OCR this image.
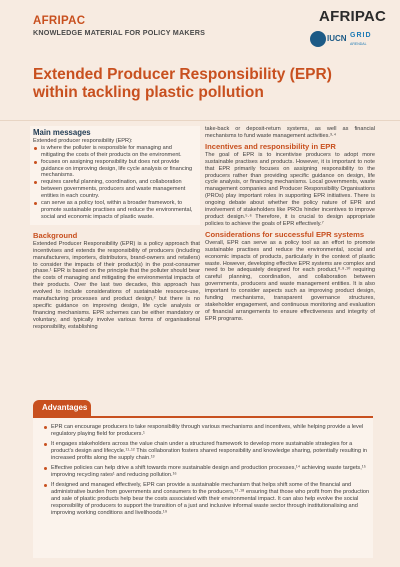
AFRIPAC
KNOWLEDGE MATERIAL FOR POLICY MAKERS
AFRIPAC
IUCN GRID
ARENDAL
Extended Producer Responsibility (EPR) within tackling plastic pollution
Main messages

Extended producer responsibility (EPR):

is where the polluter is responsible for managing and mitigating the costs of their products on the environment.
focuses on assigning responsibility but does not provide guidance on improving design, life cycle analysis or financing mechanisms.
requires careful planning, coordination, and collaboration between governments, producers and waste management entities in each country.
can serve as a policy tool, within a broader framework, to promote sustainable practises and reduce the environmental, social and economic impacts of plastic waste.
Background

Extended Producer Responsibility (EPR) is a policy approach that incentivises and extends the responsibility of producers (including manufacturers, importers, distributors, brand-owners and retailers) to consider the impacts of their product(s) in the post-consumer phase.¹ EPR is based on the principle that the polluter should bear the costs of managing and mitigating the environmental impacts of their products. Over the last two decades, this approach has evolved to include considerations of sustainable resource-use, manufacturing processes and product design,² but there is no specific guidance on improving design, life cycle analysis or financing mechanisms. EPR schemes can be either mandatory or voluntary, and typically involve various forms of organisational responsibility, establishing

take-back or deposit-return systems, as well as financial mechanisms to fund waste management activities.³·⁴

Incentives and responsibility in EPR

The goal of EPR is to incentivise producers to adopt more sustainable practises and products. However, it is important to note that EPR primarily focuses on assigning responsibility to the producers rather than providing specific guidance on design, life cycle analysis, or financing mechanisms. Local governments, waste management companies and Producer Responsibility Organisations (PROs) play important roles in supporting EPR initiatives. There is ongoing debate about whether the policy nature of EPR and involvement of stakeholders like PROs hinder incentives to improve product design.⁵·⁶ Therefore, it is crucial to design appropriate policies to achieve the goals of EPR effectively.⁷

Considerations for successful EPR systems

Overall, EPR can serve as a policy tool as an effort to promote sustainable practises and reduce the environmental, social and economic impacts of products, particularly in the context of plastic waste. However, developing effective EPR systems are complex and need to be adequately designed for each product,⁸·⁹·¹⁰ requiring careful planning, coordination, and collaboration between governments, producers and waste management entities. It is also important to consider aspects such as improving product design, funding mechanisms, transparent governance structures, stakeholder engagement, and continuous monitoring and evaluation of financial arrangements to ensure effectiveness and integrity of EPR programs.

Advantages
EPR can encourage producers to take responsibility through various mechanisms and incentives, while helping provide a level regulatory playing field for producers.¹
It engages stakeholders across the value chain under a structured framework to develop more sustainable strategies for a product's design and lifecycle.¹¹·¹² This collaboration fosters shared responsibility and knowledge sharing, potentially resulting in increased profits along the supply chain.¹³
Effective policies can help drive a shift towards more sustainable design and production processes,¹⁴ achieving waste targets,¹⁵ improving recycling rates¹ and reducing pollution.¹⁶
If designed and managed effectively, EPR can provide a sustainable mechanism that helps shift some of the financial and administrative burden from governments and consumers to the producers,¹⁷·¹⁸ ensuring that those who profit from the production and sale of plastic products help bear the costs associated with their environmental impact. It can also help evolve the social responsibility of producers to support the transition of a just and inclusive informal waste sector through institutionalising and improving working conditions and livelihoods.¹⁹
